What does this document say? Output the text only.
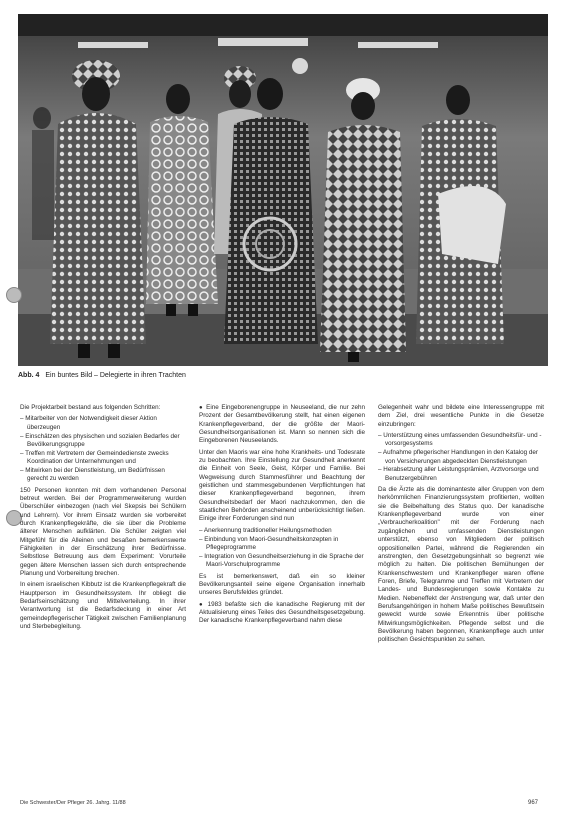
Abb. 4 Ein buntes Bild – Delegierte in ihren Trachten

Die Projektarbeit bestand aus folgenden Schritten:

– Mitarbeiter von der Notwendigkeit dieser Aktion überzeugen
– Einschätzen des physischen und sozialen Bedarfes der Bevölkerungsgruppe
– Treffen mit Vertretern der Gemeindedienste zwecks Koordination der Unternehmungen und
– Mitwirken bei der Dienstleistung, um Bedürfnissen gerecht zu werden

150 Personen konnten mit dem vorhandenen Personal betreut werden. Bei der Programmerweiterung wurden Überschüler einbezogen (nach viel Skepsis bei Schülern und Lehrern). Vor ihrem Einsatz wurden sie vorbereitet durch Krankenpflegekräfte, die sie über die Probleme älterer Menschen aufklärten. Die Schüler zeigten viel Mitgefühl für die Alleinen und besaßen bemerkenswerte Fähigkeiten in der Einschätzung ihrer Bedürfnisse. Selbstlose Betreuung aus dem Experiment: Vorurteile gegen ältere Menschen lassen sich durch entsprechende Planung und Vorbereitung brechen.

In einem israelischen Kibbutz ist die Krankenpflegekraft die Hauptperson im Gesundheitssystem. Ihr obliegt die Bedarfseinschätzung und Mittelverteilung. In ihrer Verantwortung ist die Bedarfsdeckung in einer Art gemeindepflegerischer Tätigkeit zwischen Familienplanung und Sterbebegleitung.

● Eine Eingeborenengruppe in Neuseeland, die nur zehn Prozent der Gesamtbevölkerung stellt, hat einen eigenen Krankenpflegeverband, der die größte der Maori-Gesundheitsorganisationen ist. Mann so nennen sich die Eingeborenen Neuseelands.

Unter den Maoris war eine hohe Krankheits- und Todesrate zu beobachten. Ihre Einstellung zur Gesundheit anerkennt die Einheit von Seele, Geist, Körper und Familie. Bei Wegweisung durch Stammesführer und Beachtung der geistlichen und stammesgebundenen Verpflichtungen hat dieser Krankenpflegeverband begonnen, ihrem Gesundheitsbedarf der Maori nachzukommen, den die staatlichen Behörden anscheinend unberücksichtigt ließen. Einige ihrer Forderungen sind nun

– Anerkennung traditioneller Heilungsmethoden
– Einbindung von Maori-Gesundheitskonzepten in Pflegeprogramme
– Integration von Gesundheitserziehung in die Sprache der Maori-Vorschulprogramme

Es ist bemerkenswert, daß ein so kleiner Bevölkerungsanteil seine eigene Organisation innerhalb unseres Berufsfeldes gründet.

● 1983 befaßte sich die kanadische Regierung mit der Aktualisierung eines Teiles des Gesundheitsgesetzgebung. Der kanadische Krankenpflegeverband nahm diese

Gelegenheit wahr und bildete eine Interessengruppe mit dem Ziel, drei wesentliche Punkte in die Gesetze einzubringen:

– Unterstützung eines umfassenden Gesundheitsfür- und -vorsorgesystems
– Aufnahme pflegerischer Handlungen in den Katalog der von Versicherungen abgedeckten Dienstleistungen
– Herabsetzung aller Leistungsprämien, Arztvorsorge und Benutzergebühren

Da die Ärzte als die dominanteste aller Gruppen von dem herkömmlichen Finanzierungssystem profitierten, wollten sie die Beibehaltung des Status quo. Der kanadische Krankenpflegeverband wurde von einer „Verbraucherkoalition" mit der Forderung nach zugänglichen und umfassenden Dienstleistungen unterstützt, ebenso von Mitgliedern der politisch oppositionellen Partei, während die Regierenden ein anstrengten, den Gesetzgebungsinhalt so begrenzt wie möglich zu halten. Die politischen Bemühungen der Krankenschwestern und Krankenpfleger waren offene Foren, Briefe, Telegramme und Treffen mit Vertretern der Landes- und Bundesregierungen sowie Kontakte zu Medien. Nebeneffekt der Anstrengung war, daß unter den Berufsangehörigen in hohem Maße politisches Bewußtsein geweckt wurde sowie Erkenntnis über politische Mitwirkungsmöglichkeiten. Pflegende selbst und die Bevölkerung haben begonnen, Krankenpflege auch unter politischen Gesichtspunkten zu sehen.

Die Schwester/Der Pfleger 26. Jahrg. 11/88	967
